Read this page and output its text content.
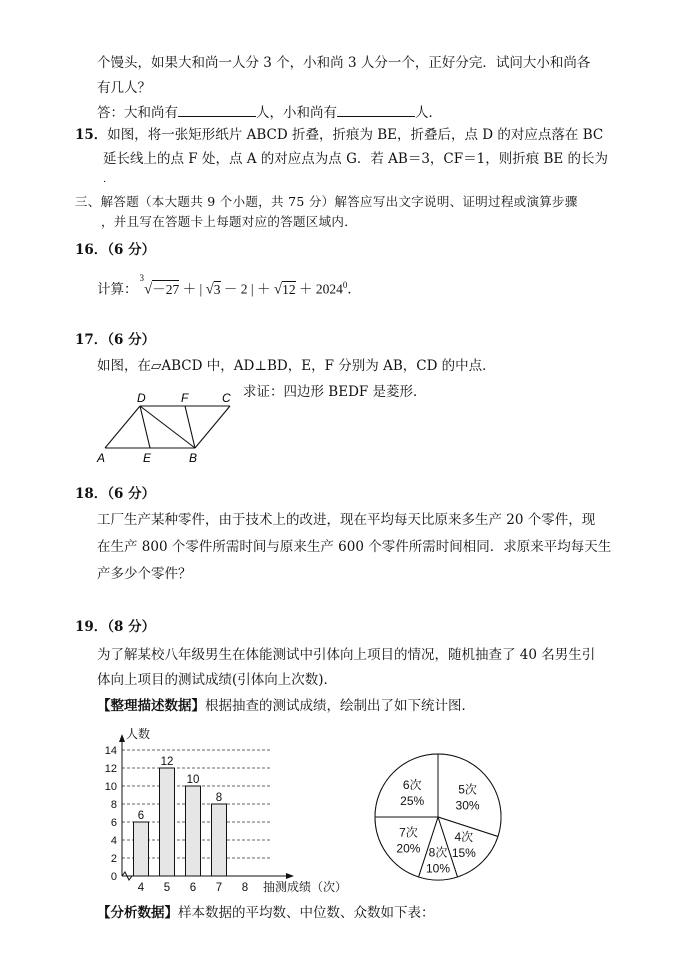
个馒头，如果大和尚一人分 3 个，小和尚 3 人分一个，正好分完．试问大小和尚各
有几人？
答：大和尚有	人，小和尚有	人．
15．如图，将一张矩形纸片 ABCD 折叠，折痕为 BE，折叠后，点 D 的对应点落在 BC
延长线上的点 F 处，点 A 的对应点为点 G．若 AB＝3，CF＝1，则折痕 BE 的长为
．
三、解答题（本大题共 9 个小题，共 75 分）解答应写出文字说明、证明过程或演算步骤
，并且写在答题卡上每题对应的答题区域内．
16．（6 分）
计算：$^3$√－27 ＋ | √3 － 2 | ＋ $√12 + 2024^0$．
17．（6 分）
如图，在▱ABCD 中，AD⊥BD，E，F 分别为 AB，CD 的中点．
求证：四边形 BEDF 是菱形．
A	E	B
D	F	C
18．（6 分）
工厂生产某种零件，由于技术上的改进，现在平均每天比原来多生产 20 个零件，现
在生产 800 个零件所需时间与原来生产 600 个零件所需时间相同．求原来平均每天生
产多少个零件？
19．（8 分）
为了解某校八年级男生在体能测试中引体向上项目的情况，随机抽查了 40 名男生引
体向上项目的测试成绩(引体向上次数)．
【整理描述数据】根据抽查的测试成绩，绘制出了如下统计图．
0
2
4
6
8
10
12
14
6
4
12
5
10
6
8
7 8
人数
抽测成绩（次）
5次
30%
4次
15%
8次
10%
7次
20%
6次
25%
【分析数据】样本数据的平均数、中位数、众数如下表：
